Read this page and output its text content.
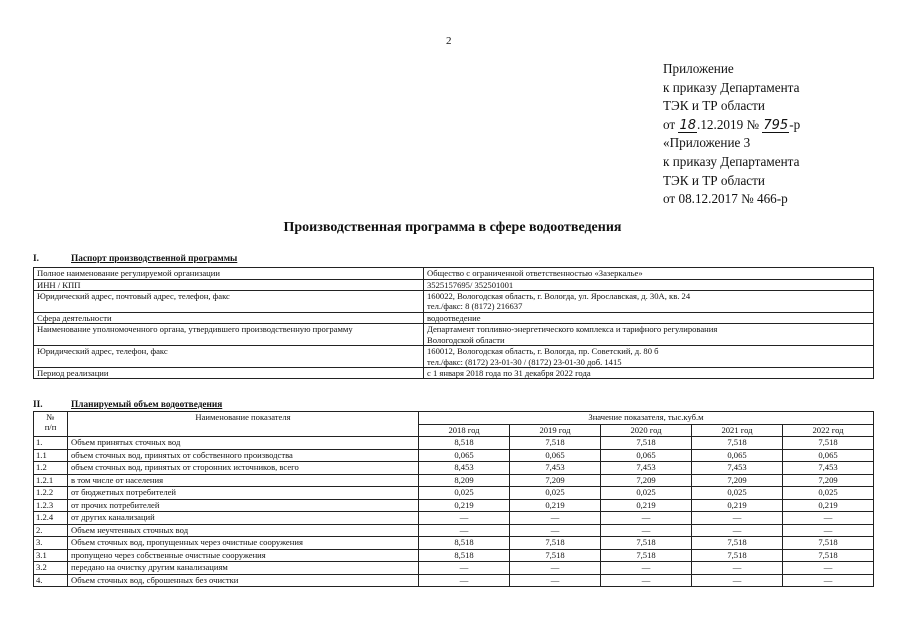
2
Приложение
к приказу Департамента
ТЭК и ТР области
от 18.12.2019 № 795-р
«Приложение 3
к приказу Департамента
ТЭК и ТР области
от 08.12.2017 № 466-р
Производственная программа в сфере водоотведения
I.	Паспорт производственной программы
Полное наименование регулируемой организации	Общество с ограниченной ответственностью «Зазеркалье»
ИНН / КПП	3525157695/ 352501001
Юридический адрес, почтовый адрес, телефон, факс	160022, Вологодская область, г. Вологда, ул. Ярославская, д. 30А, кв. 24
тел./факс: 8 (8172) 216637

Сфера деятельности	водоотведение
Наименование уполномоченного органа, утвердившего производственную программу	Департамент топливно-энергетического комплекса и тарифного регулирования
Вологодской области

Юридический адрес, телефон, факс	160012, Вологодская область, г. Вологда, пр. Советский, д. 80 б
тел./факс: (8172) 23-01-30 / (8172) 23-01-30 доб. 1415

Период реализации	с 1 января 2018 года по 31 декабря 2022 года
II.	Планируемый объем водоотведения
№
п/п	Наименование показателя	Значение показателя, тыс.куб.м				
		2018 год	2019 год	2020 год	2021 год	2022 год
1.	Объем принятых сточных вод	8,518	7,518	7,518	7,518	7,518
1.1	объем сточных вод, принятых от собственного производства	0,065	0,065	0,065	0,065	0,065
1.2	объем сточных вод, принятых от сторонних источников, всего	8,453	7,453	7,453	7,453	7,453
1.2.1	в том числе от населения	8,209	7,209	7,209	7,209	7,209
1.2.2	от бюджетных потребителей	0,025	0,025	0,025	0,025	0,025
1.2.3	от прочих потребителей	0,219	0,219	0,219	0,219	0,219
1.2.4	от других канализаций	—	—	—	—	—
2.	Объем неучтенных сточных вод	—	—	—	—	—
3.	Объем сточных вод, пропущенных через очистные сооружения	8,518	7,518	7,518	7,518	7,518
3.1	пропущено через собственные очистные сооружения	8,518	7,518	7,518	7,518	7,518
3.2	передано на очистку другим канализациям	—	—	—	—	—
4.	Объем сточных вод, сброшенных без очистки	—	—	—	—	—
